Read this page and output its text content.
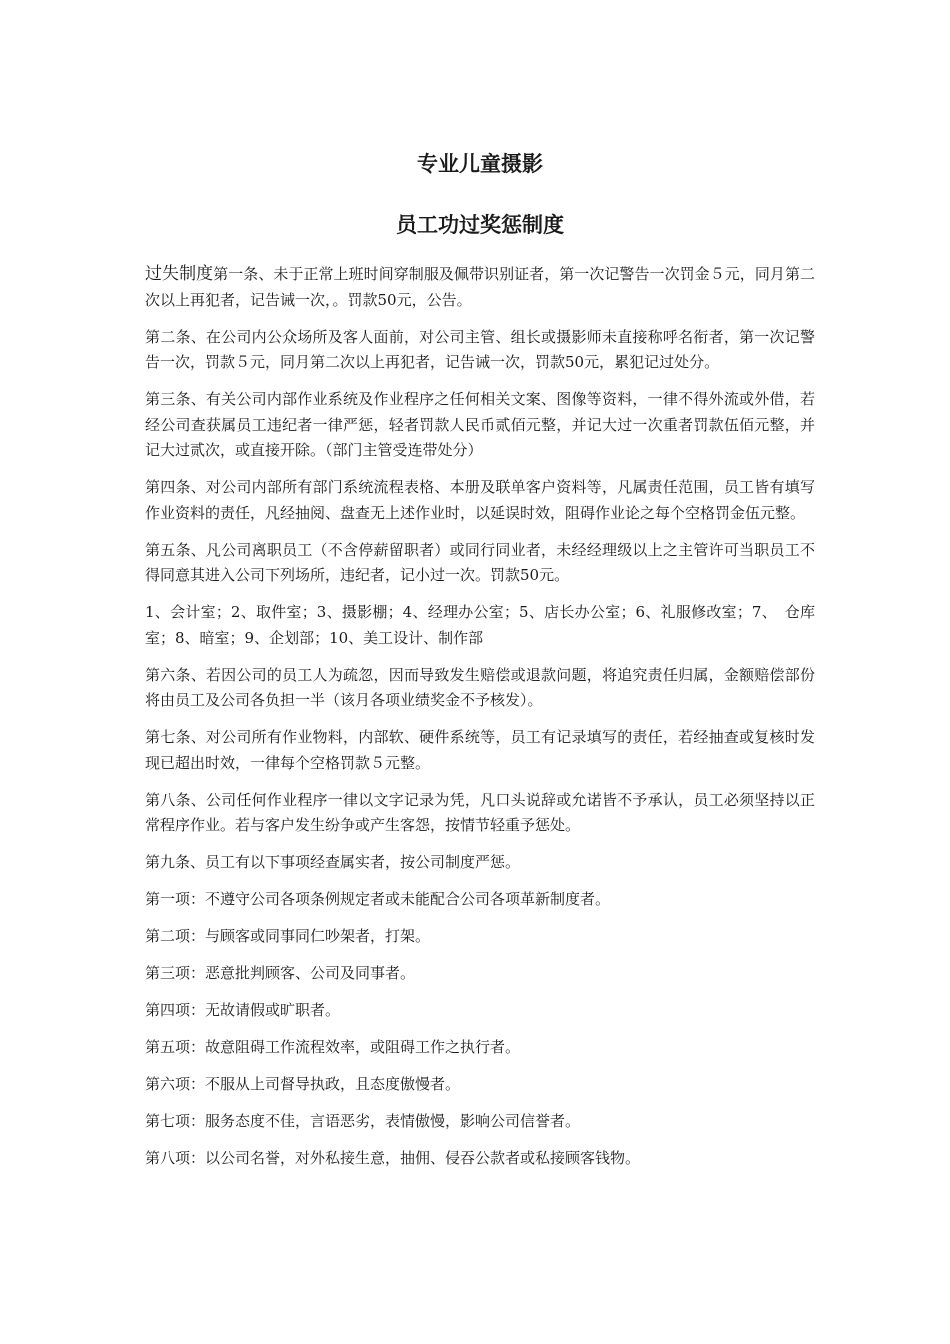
专业儿童摄影
员工功过奖惩制度

过失制度第一条、未于正常上班时间穿制服及佩带识别证者，第一次记警告一次罚金５元，同月第二次以上再犯者，记告诫一次，。罚款50元，公告。

第二条、在公司内公众场所及客人面前，对公司主管、组长或摄影师未直接称呼名衔者，第一次记警告一次，罚款５元，同月第二次以上再犯者，记告诫一次，罚款50元，累犯记过处分。

第三条、有关公司内部作业系统及作业程序之任何相关文案、图像等资料，一律不得外流或外借，若经公司查获属员工违纪者一律严惩，轻者罚款人民币贰佰元整，并记大过一次重者罚款伍佰元整，并记大过贰次，或直接开除。（部门主管受连带处分）

第四条、对公司内部所有部门系统流程表格、本册及联单客户资料等，凡属责任范围，员工皆有填写作业资料的责任，凡经抽阅、盘查无上述作业时，以延误时效，阻碍作业论之每个空格罚金伍元整。

第五条、凡公司离职员工（不含停薪留职者）或同行同业者，未经经理级以上之主管许可当职员工不得同意其进入公司下列场所，违纪者，记小过一次。罚款50元。

1、会计室；2、取件室；3、摄影棚；4、经理办公室；5、店长办公室；6、礼服修改室；7、　仓库室；8、暗室；9、企划部；10、美工设计、制作部

第六条、若因公司的员工人为疏忽，因而导致发生赔偿或退款问题，将追究责任归属，金额赔偿部份将由员工及公司各负担一半（该月各项业绩奖金不予核发）。

第七条、对公司所有作业物料，内部软、硬件系统等，员工有记录填写的责任，若经抽查或复核时发现已超出时效，一律每个空格罚款５元整。

第八条、公司任何作业程序一律以文字记录为凭，凡口头说辞或允诺皆不予承认，员工必须坚持以正常程序作业。若与客户发生纷争或产生客怨，按情节轻重予惩处。

第九条、员工有以下事项经查属实者，按公司制度严惩。

第一项：不遵守公司各项条例规定者或未能配合公司各项革新制度者。

第二项：与顾客或同事同仁吵架者，打架。

第三项：恶意批判顾客、公司及同事者。

第四项：无故请假或旷职者。

第五项：故意阻碍工作流程效率，或阻碍工作之执行者。

第六项：不服从上司督导执政，且态度傲慢者。

第七项：服务态度不佳，言语恶劣，表情傲慢，影响公司信誉者。

第八项：以公司名誉，对外私接生意，抽佣、侵吞公款者或私接顾客钱物。
